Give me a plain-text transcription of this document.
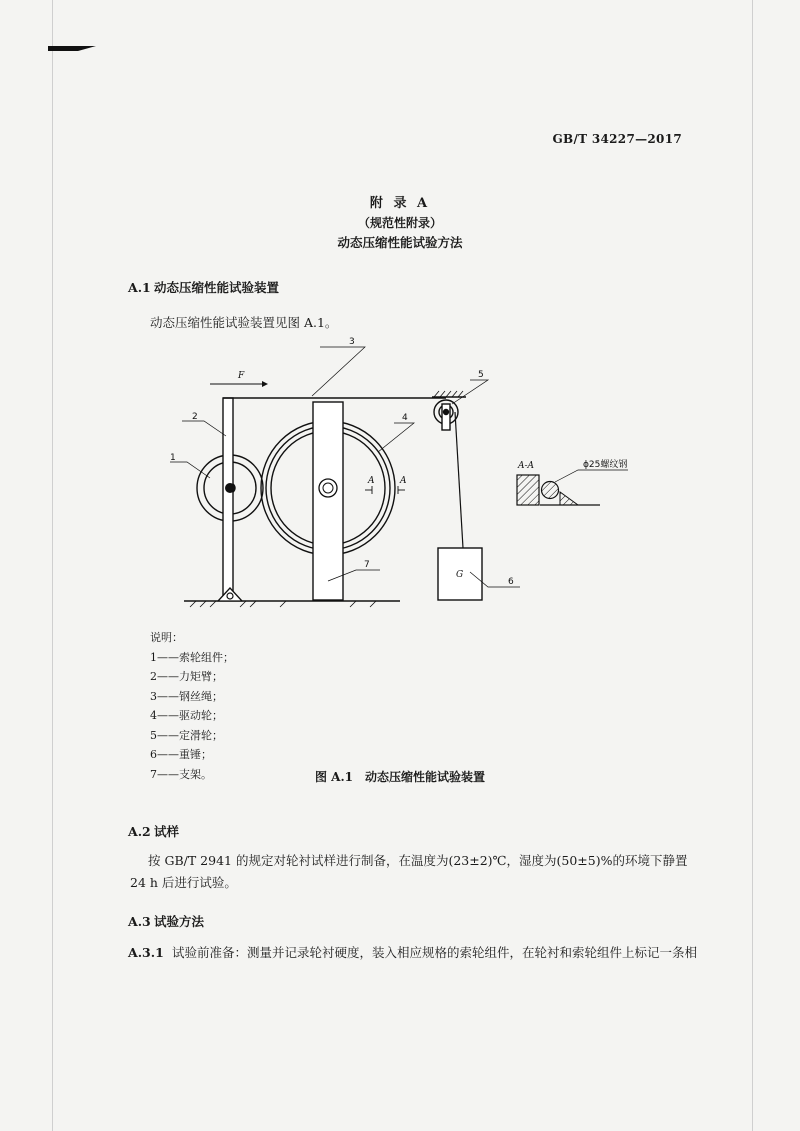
GB/T 34227—2017
附 录 A
（规范性附录）
动态压缩性能试验方法
A.1 动态压缩性能试验装置
动态压缩性能试验装置见图 A.1。
G
F
A	A
1
2
3
4
5
6
7
A-A	ϕ25螺纹钢
说明：
1——索轮组件；
2——力矩臂；
3——钢丝绳；
4——驱动轮；
5——定滑轮；
6——重锤；
7——支架。	图 A.1　动态压缩性能试验装置
A.2 试样
按 GB/T 2941 的规定对轮衬试样进行制备，在温度为(23±2)℃，湿度为(50±5)%的环境下静置
24 h 后进行试验。
A.3 试验方法
A.3.1 试验前准备：测量并记录轮衬硬度，装入相应规格的索轮组件，在轮衬和索轮组件上标记一条相
